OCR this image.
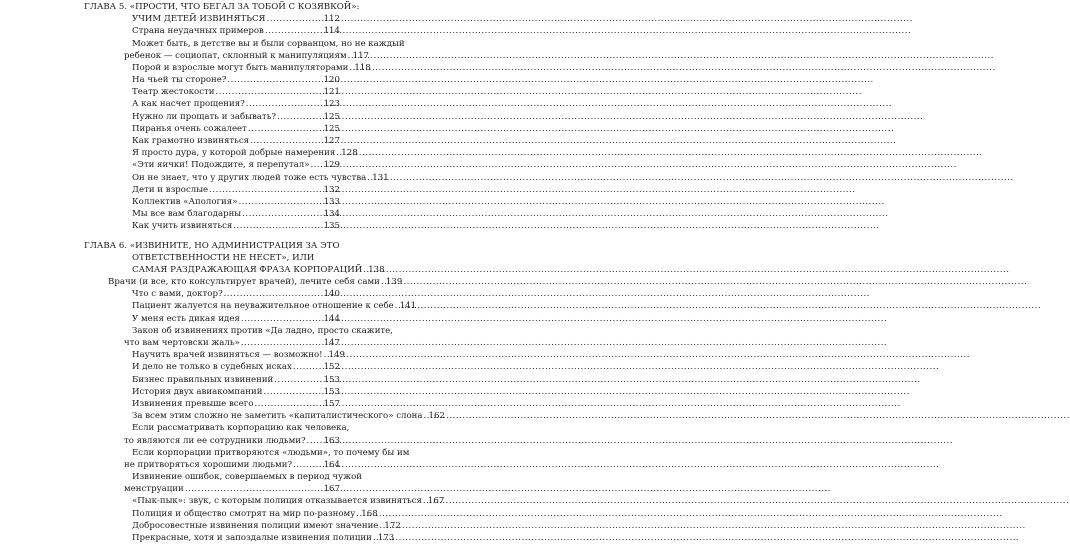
ГЛАВА 5. «ПРОСТИ, ЧТО БЕГАЛ ЗА ТОБОЙ С КОЗЯВКОЙ»:
УЧИМ ДЕТЕЙ ИЗВИНЯТЬСЯ .....	112
Страна неудачных примеров .....	114
Может быть, в детстве вы и были сорванцом, но не каждый
ребенок — социопат, склонный к манипуляциям ..... 117
Порой и взрослые могут быть манипуляторами ..... 118
На чьей ты стороне? .....	120
Театр жестокости .....	121
А как насчет прощения? .....	123
Нужно ли прощать и забывать? .....	125
Пиранья очень сожалеет .....	125
Как грамотно извиняться .....	127
Я просто дура, у которой добрые намерения ..... 128
«Эти яички! Подождите, я перепутал» ..... 129
Он не знает, что у других людей тоже есть чувства ..... 131
Дети и взрослые .....	132
Коллектив «Апология» .....	133
Мы все вам благодарны .....	134
Как учить извиняться .....	135
ГЛАВА 6. «ИЗВИНИТЕ, НО АДМИНИСТРАЦИЯ ЗА ЭТО
ОТВЕТСТВЕННОСТИ НЕ НЕСЕТ», ИЛИ
САМАЯ РАЗДРАЖАЮЩАЯ ФРАЗА КОРПОРАЦИЙ ..... 138
Врачи (и все, кто консультирует врачей), лечите себя сами ..... 139
Что с вами, доктор? .....	140
Пациент жалуется на неуважительное отношение к себе ..... 141
У меня есть дикая идея .....	144
Закон об извинениях против «Да ладно, просто скажите,
что вам чертовски жаль» .....	147
Научить врачей извиняться — возможно! ..... 149
И дело не только в судебных исках .....	152
Бизнес правильных извинений .....	153
История двух авиакомпаний .....	153
Извинения превыше всего .....	157
За всем этим сложно не заметить «капиталистического» слона ..... 162
Если рассматривать корпорацию как человека,
то являются ли ее сотрудники людьми? ..... 163
Если корпорации притворяются «людьми», то почему бы им
не притворяться хорошими людьми? .....	164
Извинение ошибок, совершаемых в период чужой
менструации .....	167
«Пык-пык»: звук, с которым полиция отказывается извиняться ..... 167
Полиция и общество смотрят на мир по-разному ..... 168
Добросовестные извинения полиции имеют значение ..... 172
Прекрасные, хотя и запоздалые извинения полиции ..... 173
